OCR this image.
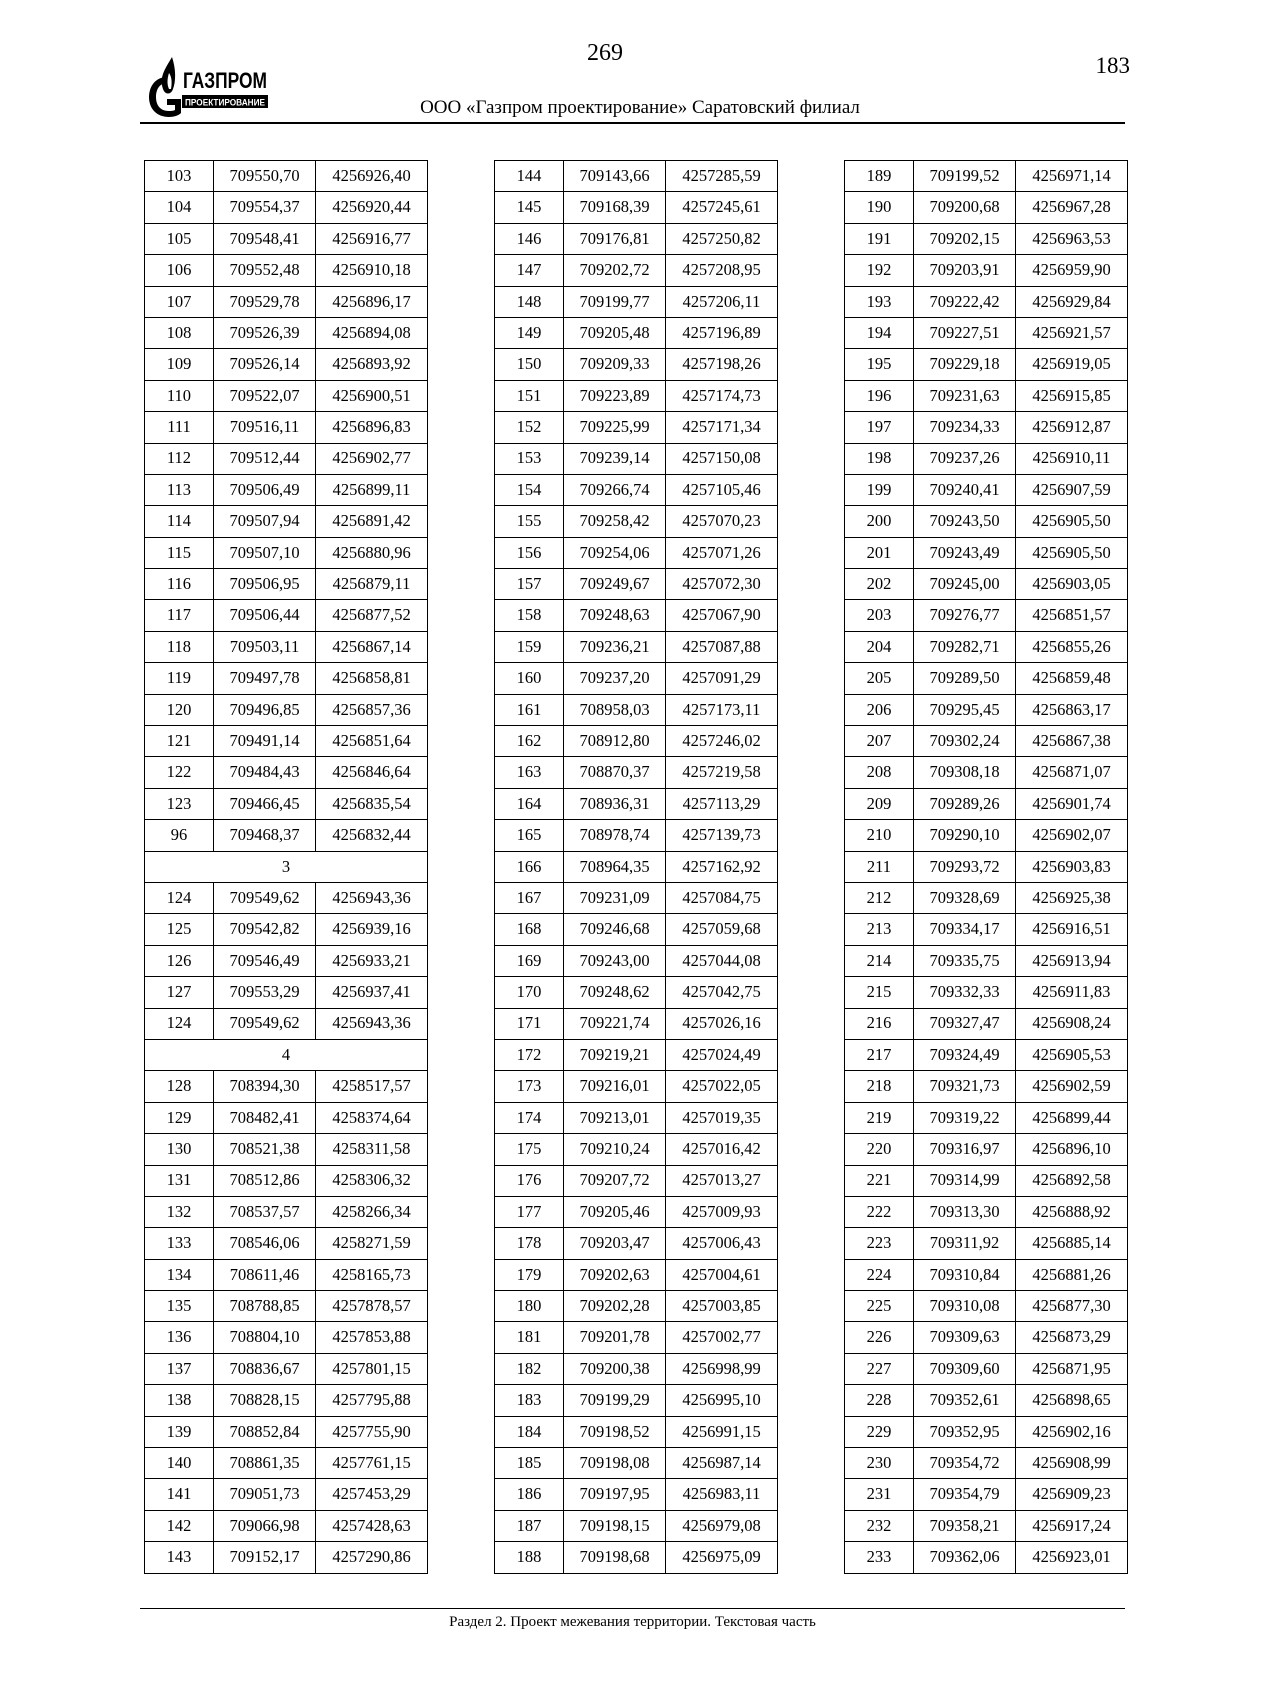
269	183
ГАЗПРОМ
ПРОЕКТИРОВАНИЕ	ООО «Газпром проектирование» Саратовский филиал
103	709550,70	4256926,40
104	709554,37	4256920,44
105	709548,41	4256916,77
106	709552,48	4256910,18
107	709529,78	4256896,17
108	709526,39	4256894,08
109	709526,14	4256893,92
110	709522,07	4256900,51
111	709516,11	4256896,83
112	709512,44	4256902,77
113	709506,49	4256899,11
114	709507,94	4256891,42
115	709507,10	4256880,96
116	709506,95	4256879,11
117	709506,44	4256877,52
118	709503,11	4256867,14
119	709497,78	4256858,81
120	709496,85	4256857,36
121	709491,14	4256851,64
122	709484,43	4256846,64
123	709466,45	4256835,54
96	709468,37	4256832,44
3		
124	709549,62	4256943,36
125	709542,82	4256939,16
126	709546,49	4256933,21
127	709553,29	4256937,41
124	709549,62	4256943,36
4		
128	708394,30	4258517,57
129	708482,41	4258374,64
130	708521,38	4258311,58
131	708512,86	4258306,32
132	708537,57	4258266,34
133	708546,06	4258271,59
134	708611,46	4258165,73
135	708788,85	4257878,57
136	708804,10	4257853,88
137	708836,67	4257801,15
138	708828,15	4257795,88
139	708852,84	4257755,90
140	708861,35	4257761,15
141	709051,73	4257453,29
142	709066,98	4257428,63
143	709152,17	4257290,86
144	709143,66	4257285,59
145	709168,39	4257245,61
146	709176,81	4257250,82
147	709202,72	4257208,95
148	709199,77	4257206,11
149	709205,48	4257196,89
150	709209,33	4257198,26
151	709223,89	4257174,73
152	709225,99	4257171,34
153	709239,14	4257150,08
154	709266,74	4257105,46
155	709258,42	4257070,23
156	709254,06	4257071,26
157	709249,67	4257072,30
158	709248,63	4257067,90
159	709236,21	4257087,88
160	709237,20	4257091,29
161	708958,03	4257173,11
162	708912,80	4257246,02
163	708870,37	4257219,58
164	708936,31	4257113,29
165	708978,74	4257139,73
166	708964,35	4257162,92
167	709231,09	4257084,75
168	709246,68	4257059,68
169	709243,00	4257044,08
170	709248,62	4257042,75
171	709221,74	4257026,16
172	709219,21	4257024,49
173	709216,01	4257022,05
174	709213,01	4257019,35
175	709210,24	4257016,42
176	709207,72	4257013,27
177	709205,46	4257009,93
178	709203,47	4257006,43
179	709202,63	4257004,61
180	709202,28	4257003,85
181	709201,78	4257002,77
182	709200,38	4256998,99
183	709199,29	4256995,10
184	709198,52	4256991,15
185	709198,08	4256987,14
186	709197,95	4256983,11
187	709198,15	4256979,08
188	709198,68	4256975,09
189	709199,52	4256971,14
190	709200,68	4256967,28
191	709202,15	4256963,53
192	709203,91	4256959,90
193	709222,42	4256929,84
194	709227,51	4256921,57
195	709229,18	4256919,05
196	709231,63	4256915,85
197	709234,33	4256912,87
198	709237,26	4256910,11
199	709240,41	4256907,59
200	709243,50	4256905,50
201	709243,49	4256905,50
202	709245,00	4256903,05
203	709276,77	4256851,57
204	709282,71	4256855,26
205	709289,50	4256859,48
206	709295,45	4256863,17
207	709302,24	4256867,38
208	709308,18	4256871,07
209	709289,26	4256901,74
210	709290,10	4256902,07
211	709293,72	4256903,83
212	709328,69	4256925,38
213	709334,17	4256916,51
214	709335,75	4256913,94
215	709332,33	4256911,83
216	709327,47	4256908,24
217	709324,49	4256905,53
218	709321,73	4256902,59
219	709319,22	4256899,44
220	709316,97	4256896,10
221	709314,99	4256892,58
222	709313,30	4256888,92
223	709311,92	4256885,14
224	709310,84	4256881,26
225	709310,08	4256877,30
226	709309,63	4256873,29
227	709309,60	4256871,95
228	709352,61	4256898,65
229	709352,95	4256902,16
230	709354,72	4256908,99
231	709354,79	4256909,23
232	709358,21	4256917,24
233	709362,06	4256923,01
Раздел 2. Проект межевания территории. Текстовая часть
